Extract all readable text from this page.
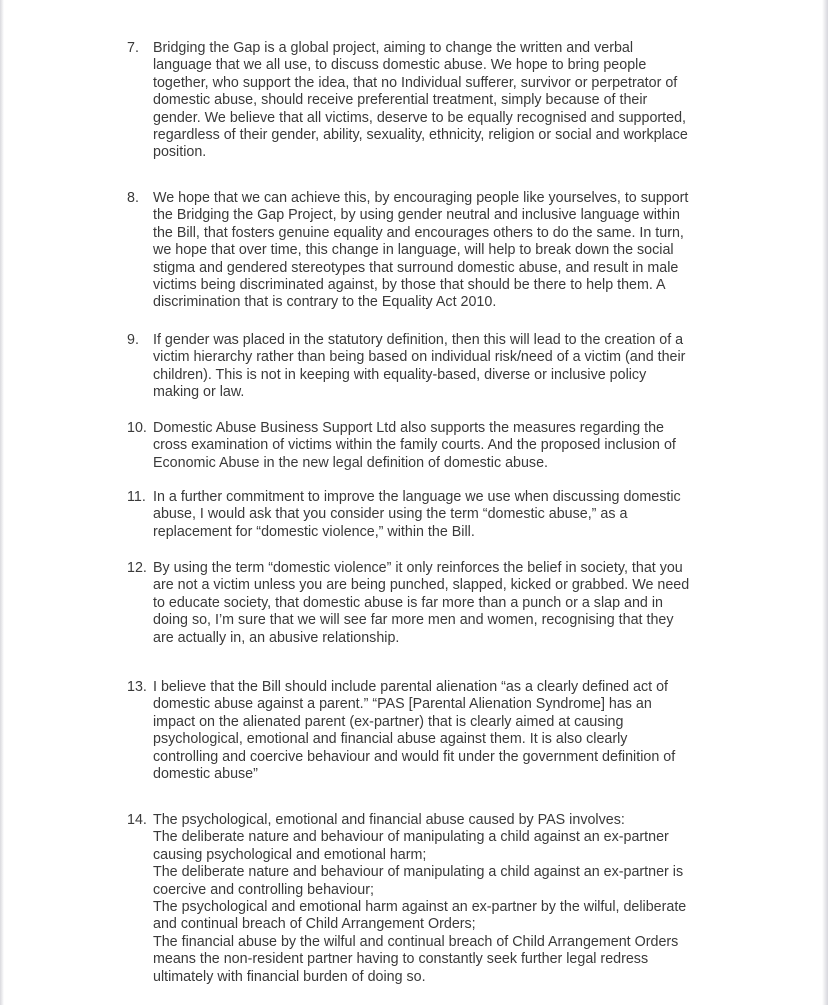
7. Bridging the Gap is a global project, aiming to change the written and verbal
language that we all use, to discuss domestic abuse. We hope to bring people
together, who support the idea, that no Individual sufferer, survivor or perpetrator of
domestic abuse, should receive preferential treatment, simply because of their
gender. We believe that all victims, deserve to be equally recognised and supported,
regardless of their gender, ability, sexuality, ethnicity, religion or social and workplace
position.
8. We hope that we can achieve this, by encouraging people like yourselves, to support
the Bridging the Gap Project, by using gender neutral and inclusive language within
the Bill, that fosters genuine equality and encourages others to do the same. In turn,
we hope that over time, this change in language, will help to break down the social
stigma and gendered stereotypes that surround domestic abuse, and result in male
victims being discriminated against, by those that should be there to help them. A
discrimination that is contrary to the Equality Act 2010.
9. If gender was placed in the statutory definition, then this will lead to the creation of a
victim hierarchy rather than being based on individual risk/need of a victim (and their
children). This is not in keeping with equality-based, diverse or inclusive policy
making or law.
10. Domestic Abuse Business Support Ltd also supports the measures regarding the
cross examination of victims within the family courts. And the proposed inclusion of
Economic Abuse in the new legal definition of domestic abuse.
11. In a further commitment to improve the language we use when discussing domestic
abuse, I would ask that you consider using the term “domestic abuse,” as a
replacement for “domestic violence,” within the Bill.
12. By using the term “domestic violence” it only reinforces the belief in society, that you
are not a victim unless you are being punched, slapped, kicked or grabbed. We need
to educate society, that domestic abuse is far more than a punch or a slap and in
doing so, I’m sure that we will see far more men and women, recognising that they
are actually in, an abusive relationship.
13. I believe that the Bill should include parental alienation “as a clearly defined act of
domestic abuse against a parent.” “PAS [Parental Alienation Syndrome] has an
impact on the alienated parent (ex-partner) that is clearly aimed at causing
psychological, emotional and financial abuse against them. It is also clearly
controlling and coercive behaviour and would fit under the government definition of
domestic abuse”
14. The psychological, emotional and financial abuse caused by PAS involves:
The deliberate nature and behaviour of manipulating a child against an ex-partner
causing psychological and emotional harm;
The deliberate nature and behaviour of manipulating a child against an ex-partner is
coercive and controlling behaviour;
The psychological and emotional harm against an ex-partner by the wilful, deliberate
and continual breach of Child Arrangement Orders;
The financial abuse by the wilful and continual breach of Child Arrangement Orders
means the non-resident partner having to constantly seek further legal redress
ultimately with financial burden of doing so.
